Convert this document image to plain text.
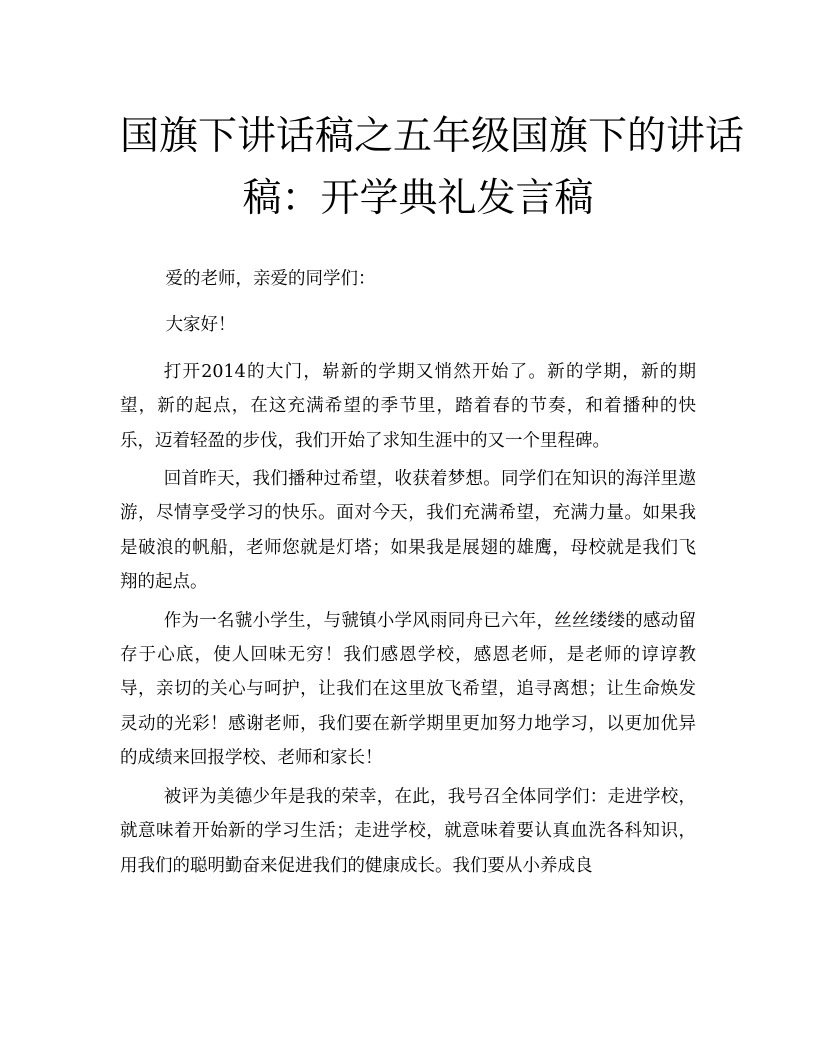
国旗下讲话稿之五年级国旗下的讲话
稿：开学典礼发言稿

爱的老师，亲爱的同学们：

大家好！

打开2014的大门，崭新的学期又悄然开始了。新的学期，新的期望，新的起点，在这充满希望的季节里，踏着春的节奏，和着播种的快乐，迈着轻盈的步伐，我们开始了求知生涯中的又一个里程碑。

回首昨天，我们播种过希望，收获着梦想。同学们在知识的海洋里遨游，尽情享受学习的快乐。面对今天，我们充满希望，充满力量。如果我是破浪的帆船，老师您就是灯塔；如果我是展翅的雄鹰，母校就是我们飞翔的起点。

作为一名虢小学生，与虢镇小学风雨同舟已六年，丝丝缕缕的感动留存于心底，使人回味无穷！我们感恩学校，感恩老师，是老师的谆谆教导，亲切的关心与呵护，让我们在这里放飞希望，追寻离想；让生命焕发灵动的光彩！感谢老师，我们要在新学期里更加努力地学习，以更加优异的成绩来回报学校、老师和家长！

被评为美德少年是我的荣幸，在此，我号召全体同学们：走进学校，就意味着开始新的学习生活；走进学校，就意味着要认真血洗各科知识，用我们的聪明勤奋来促进我们的健康成长。我们要从小养成良
